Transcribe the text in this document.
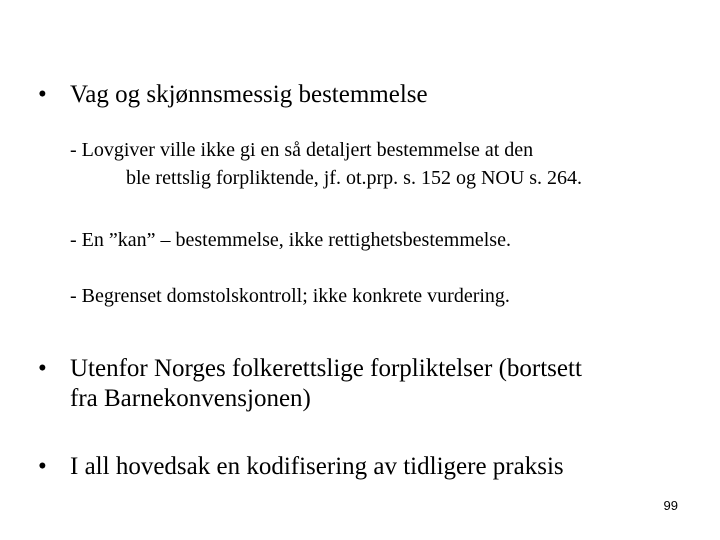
• Vag og skjønnsmessig bestemmelse
- Lovgiver ville ikke gi en så detaljert bestemmelse at den
ble rettslig forpliktende, jf. ot.prp. s. 152 og NOU s. 264.
- En ”kan” – bestemmelse, ikke rettighetsbestemmelse.
- Begrenset domstolskontroll; ikke konkrete vurdering.
• Utenfor Norges folkerettslige forpliktelser (bortsett
fra Barnekonvensjonen)
• I all hovedsak en kodifisering av tidligere praksis
99
